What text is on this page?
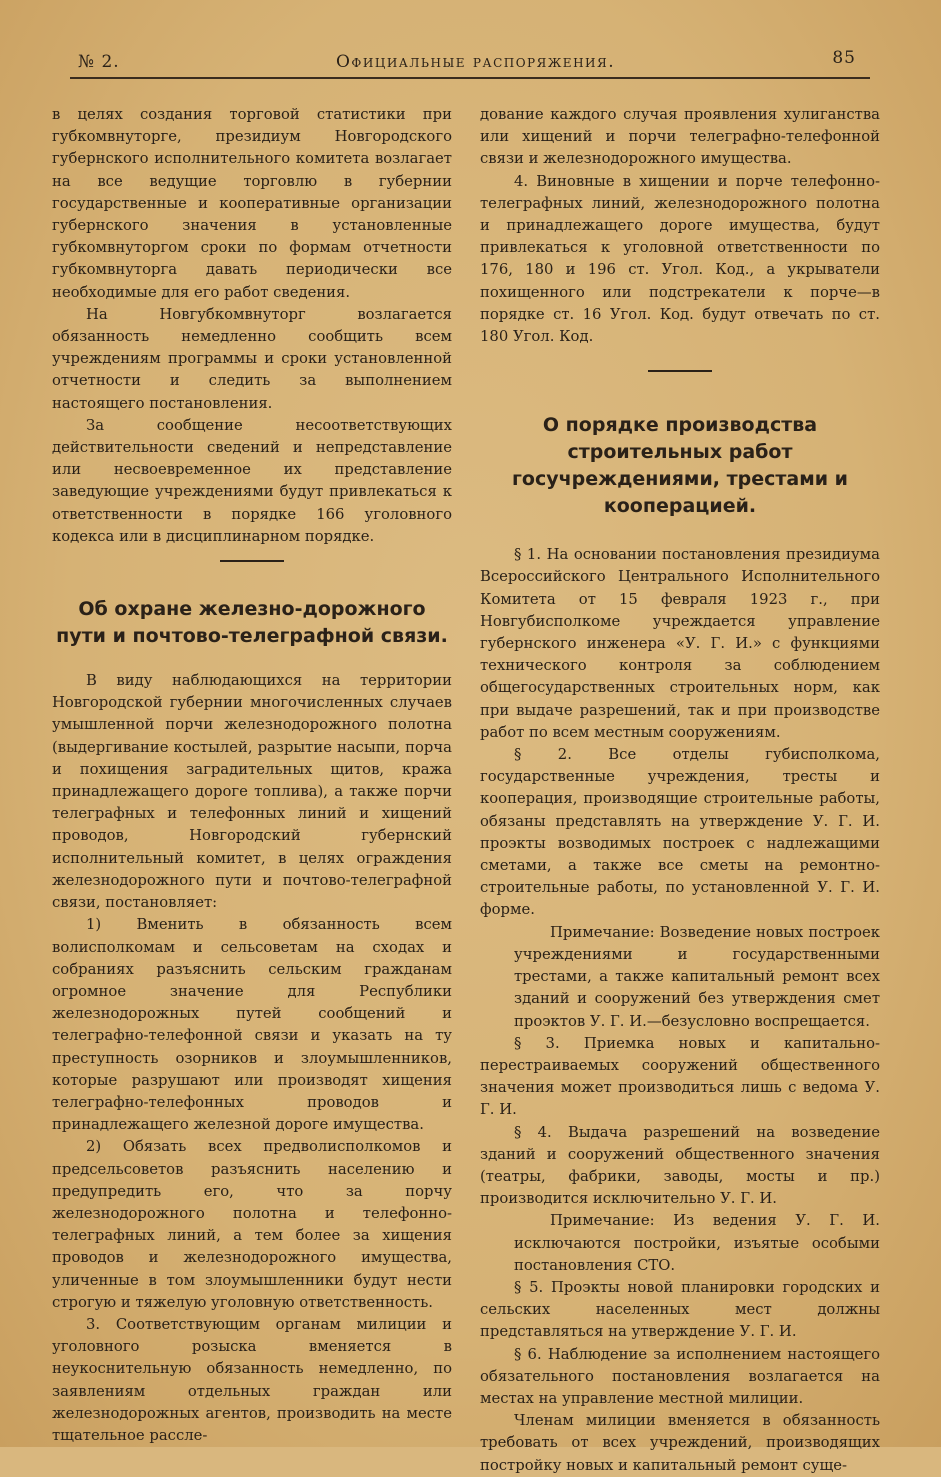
№ 2.	Официальные распоряжения.	85

в целях создания торговой статистики при губкомвнуторге, президиум Новгородского губернского исполнительного комитета возлагает на все ведущие торговлю в губернии государственные и кооперативные организации губернского значения в установленные губкомвнуторгом сроки по формам отчетности губкомвнуторга давать периодически все необходимые для его работ сведения.

На Новгубкомвнуторг возлагается обязанность немедленно сообщить всем учреждениям программы и сроки установленной отчетности и следить за выполнением настоящего постановления.

За сообщение несоответствующих действительности сведений и непредставление или несвоевременное их представление заведующие учреждениями будут привлекаться к ответственности в порядке 166 уголовного кодекса или в дисциплинарном порядке.

Об охране железно-дорожного пути и почтово-телеграфной связи.

В виду наблюдающихся на территории Новгородской губернии многочисленных случаев умышленной порчи железнодорожного полотна (выдергивание костылей, разрытие насыпи, порча и похищения заградительных щитов, кража принадлежащего дороге топлива), а также порчи телеграфных и телефонных линий и хищений проводов, Новгородский губернский исполнительный комитет, в целях ограждения железнодорожного пути и почтово-телеграфной связи, постановляет:

1) Вменить в обязанность всем волисполкомам и сельсоветам на сходах и собраниях разъяснить сельским гражданам огромное значение для Республики железнодорожных путей сообщений и телеграфно-телефонной связи и указать на ту преступность озорников и злоумышленников, которые разрушают или производят хищения телеграфно-телефонных проводов и принадлежащего железной дороге имущества.

2) Обязать всех предволисполкомов и предсельсоветов разъяснить населению и предупредить его, что за порчу железнодорожного полотна и телефонно-телеграфных линий, а тем более за хищения проводов и железнодорожного имущества, уличенные в том злоумышленники будут нести строгую и тяжелую уголовную ответственность.

3. Соответствующим органам милиции и уголовного розыска вменяется в неукоснительную обязанность немедленно, по заявлениям отдельных граждан или железнодорожных агентов, производить на месте тщательное рассле-

дование каждого случая проявления хулиганства или хищений и порчи телеграфно-телефонной связи и железнодорожного имущества.

4. Виновные в хищении и порче телефонно-телеграфных линий, железнодорожного полотна и принадлежащего дороге имущества, будут привлекаться к уголовной ответственности по 176, 180 и 196 ст. Угол. Код., а укрыватели похищенного или подстрекатели к порче—в порядке ст. 16 Угол. Код. будут отвечать по ст. 180 Угол. Код.

О порядке производства строительных работ госучреждениями, трестами и кооперацией.

§ 1. На основании постановления президиума Всероссийского Центрального Исполнительного Комитета от 15 февраля 1923 г., при Новгубисполкоме учреждается управление губернского инженера «У. Г. И.» с функциями технического контроля за соблюдением общегосударственных строительных норм, как при выдаче разрешений, так и при производстве работ по всем местным сооружениям.

§ 2. Все отделы губисполкома, государственные учреждения, тресты и кооперация, производящие строительные работы, обязаны представлять на утверждение У. Г. И. проэкты возводимых построек с надлежащими сметами, а также все сметы на ремонтно-строительные работы, по установленной У. Г. И. форме.

Примечание: Возведение новых построек учреждениями и государственными трестами, а также капитальный ремонт всех зданий и сооружений без утверждения смет проэктов У. Г. И.—безусловно воспрещается.

§ 3. Приемка новых и капитально-перестраиваемых сооружений общественного значения может производиться лишь с ведома У. Г. И.

§ 4. Выдача разрешений на возведение зданий и сооружений общественного значения (театры, фабрики, заводы, мосты и пр.) производится исключительно У. Г. И.

Примечание: Из ведения У. Г. И. исключаются постройки, изъятые особыми постановления СТО.

§ 5. Проэкты новой планировки городских и сельских населенных мест должны представляться на утверждение У. Г. И.

§ 6. Наблюдение за исполнением настоящего обязательного постановления возлагается на местах на управление местной милиции.

Членам милиции вменяется в обязанность требовать от всех учреждений, производящих постройку новых и капитальный ремонт суще-
